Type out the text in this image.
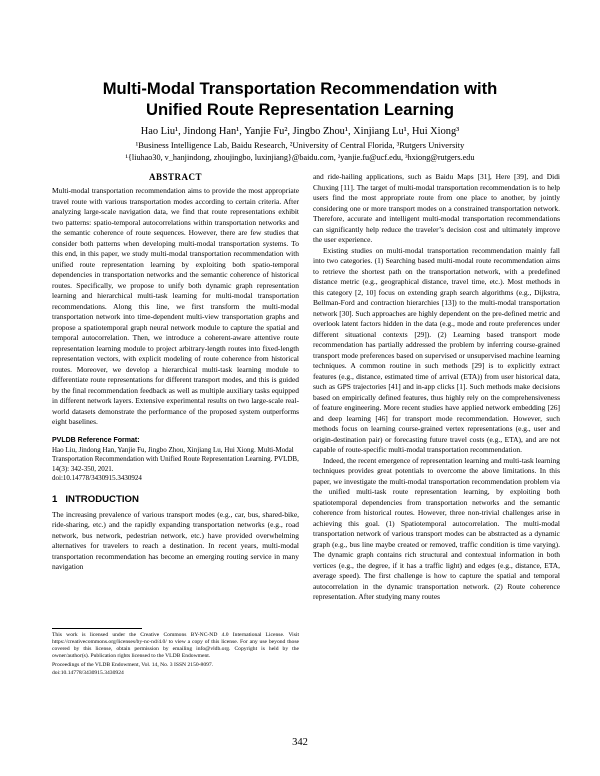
Multi-Modal Transportation Recommendation with
Unified Route Representation Learning
Hao Liu¹, Jindong Han¹, Yanjie Fu², Jingbo Zhou¹, Xinjiang Lu¹, Hui Xiong³
¹Business Intelligence Lab, Baidu Research, ²University of Central Florida, ³Rutgers University
¹{liuhao30, v_hanjindong, zhoujingbo, luxinjiang}@baidu.com, ²yanjie.fu@ucf.edu, ³hxiong@rutgers.edu
ABSTRACT

Multi-modal transportation recommendation aims to provide the most appropriate travel route with various transportation modes according to certain criteria. After analyzing large-scale navigation data, we find that route representations exhibit two patterns: spatio-temporal autocorrelations within transportation networks and the semantic coherence of route sequences. However, there are few studies that consider both patterns when developing multi-modal transportation systems. To this end, in this paper, we study multi-modal transportation recommendation with unified route representation learning by exploiting both spatio-temporal dependencies in transportation networks and the semantic coherence of historical routes. Specifically, we propose to unify both dynamic graph representation learning and hierarchical multi-task learning for multi-modal transportation recommendations. Along this line, we first transform the multi-modal transportation network into time-dependent multi-view transportation graphs and propose a spatiotemporal graph neural network module to capture the spatial and temporal autocorrelation. Then, we introduce a coherent-aware attentive route representation learning module to project arbitrary-length routes into fixed-length representation vectors, with explicit modeling of route coherence from historical routes. Moreover, we develop a hierarchical multi-task learning module to differentiate route representations for different transport modes, and this is guided by the final recommendation feedback as well as multiple auxiliary tasks equipped in different network layers. Extensive experimental results on two large-scale real-world datasets demonstrate the performance of the proposed system outperforms eight baselines.

PVLDB Reference Format:
Hao Liu, Jindong Han, Yanjie Fu, Jingbo Zhou, Xinjiang Lu, Hui Xiong. Multi-Modal Transportation Recommendation with Unified Route Representation Learning. PVLDB, 14(3): 342-350, 2021.
doi:10.14778/3430915.3430924
1 INTRODUCTION

The increasing prevalence of various transport modes (e.g., car, bus, shared-bike, ride-sharing, etc.) and the rapidly expanding transportation networks (e.g., road network, bus network, pedestrian network, etc.) have provided overwhelming alternatives for travelers to reach a destination. In recent years, multi-modal transportation recommendation has become an emerging routing service in many navigation

This work is licensed under the Creative Commons BY-NC-ND 4.0 International License. Visit https://creativecommons.org/licenses/by-nc-nd/4.0/ to view a copy of this license. For any use beyond those covered by this license, obtain permission by emailing info@vldb.org. Copyright is held by the owner/author(s). Publication rights licensed to the VLDB Endowment.

Proceedings of the VLDB Endowment, Vol. 14, No. 3 ISSN 2150-8097.

doi:10.14778/3430915.3430924

and ride-hailing applications, such as Baidu Maps [31], Here [39], and Didi Chuxing [11]. The target of multi-modal transportation recommendation is to help users find the most appropriate route from one place to another, by jointly considering one or more transport modes on a constrained transportation network. Therefore, accurate and intelligent multi-modal transportation recommendations can significantly help reduce the traveler’s decision cost and ultimately improve the user experience.

Existing studies on multi-modal transportation recommendation mainly fall into two categories. (1) Searching based multi-modal route recommendation aims to retrieve the shortest path on the transportation network, with a predefined distance metric (e.g., geographical distance, travel time, etc.). Most methods in this category [2, 10] focus on extending graph search algorithms (e.g., Dijkstra, Bellman-Ford and contraction hierarchies [13]) to the multi-modal transportation network [30]. Such approaches are highly dependent on the pre-defined metric and overlook latent factors hidden in the data (e.g., mode and route preferences under different situational contexts [29]). (2) Learning based transport mode recommendation has partially addressed the problem by inferring course-grained transport mode preferences based on supervised or unsupervised machine learning techniques. A common routine in such methods [29] is to explicitly extract features (e.g., distance, estimated time of arrival (ETA)) from user historical data, such as GPS trajectories [41] and in-app clicks [1]. Such methods make decisions based on empirically defined features, thus highly rely on the comprehensiveness of feature engineering. More recent studies have applied network embedding [26] and deep learning [46] for transport mode recommendation. However, such methods focus on learning course-grained vertex representations (e.g., user and origin-destination pair) or forecasting future travel costs (e.g., ETA), and are not capable of route-specific multi-modal transportation recommendation.

Indeed, the recent emergence of representation learning and multi-task learning techniques provides great potentials to overcome the above limitations. In this paper, we investigate the multi-modal transportation recommendation problem via the unified multi-task route representation learning, by exploiting both spatiotemporal dependencies from transportation networks and the semantic coherence from historical routes. However, three non-trivial challenges arise in achieving this goal. (1) Spatiotemporal autocorrelation. The multi-modal transportation network of various transport modes can be abstracted as a dynamic graph (e.g., bus line maybe created or removed, traffic condition is time varying). The dynamic graph contains rich structural and contextual information in both vertices (e.g., the degree, if it has a traffic light) and edges (e.g., distance, ETA, average speed). The first challenge is how to capture the spatial and temporal autocorrelation in the dynamic transportation network. (2) Route coherence representation. After studying many routes

342
